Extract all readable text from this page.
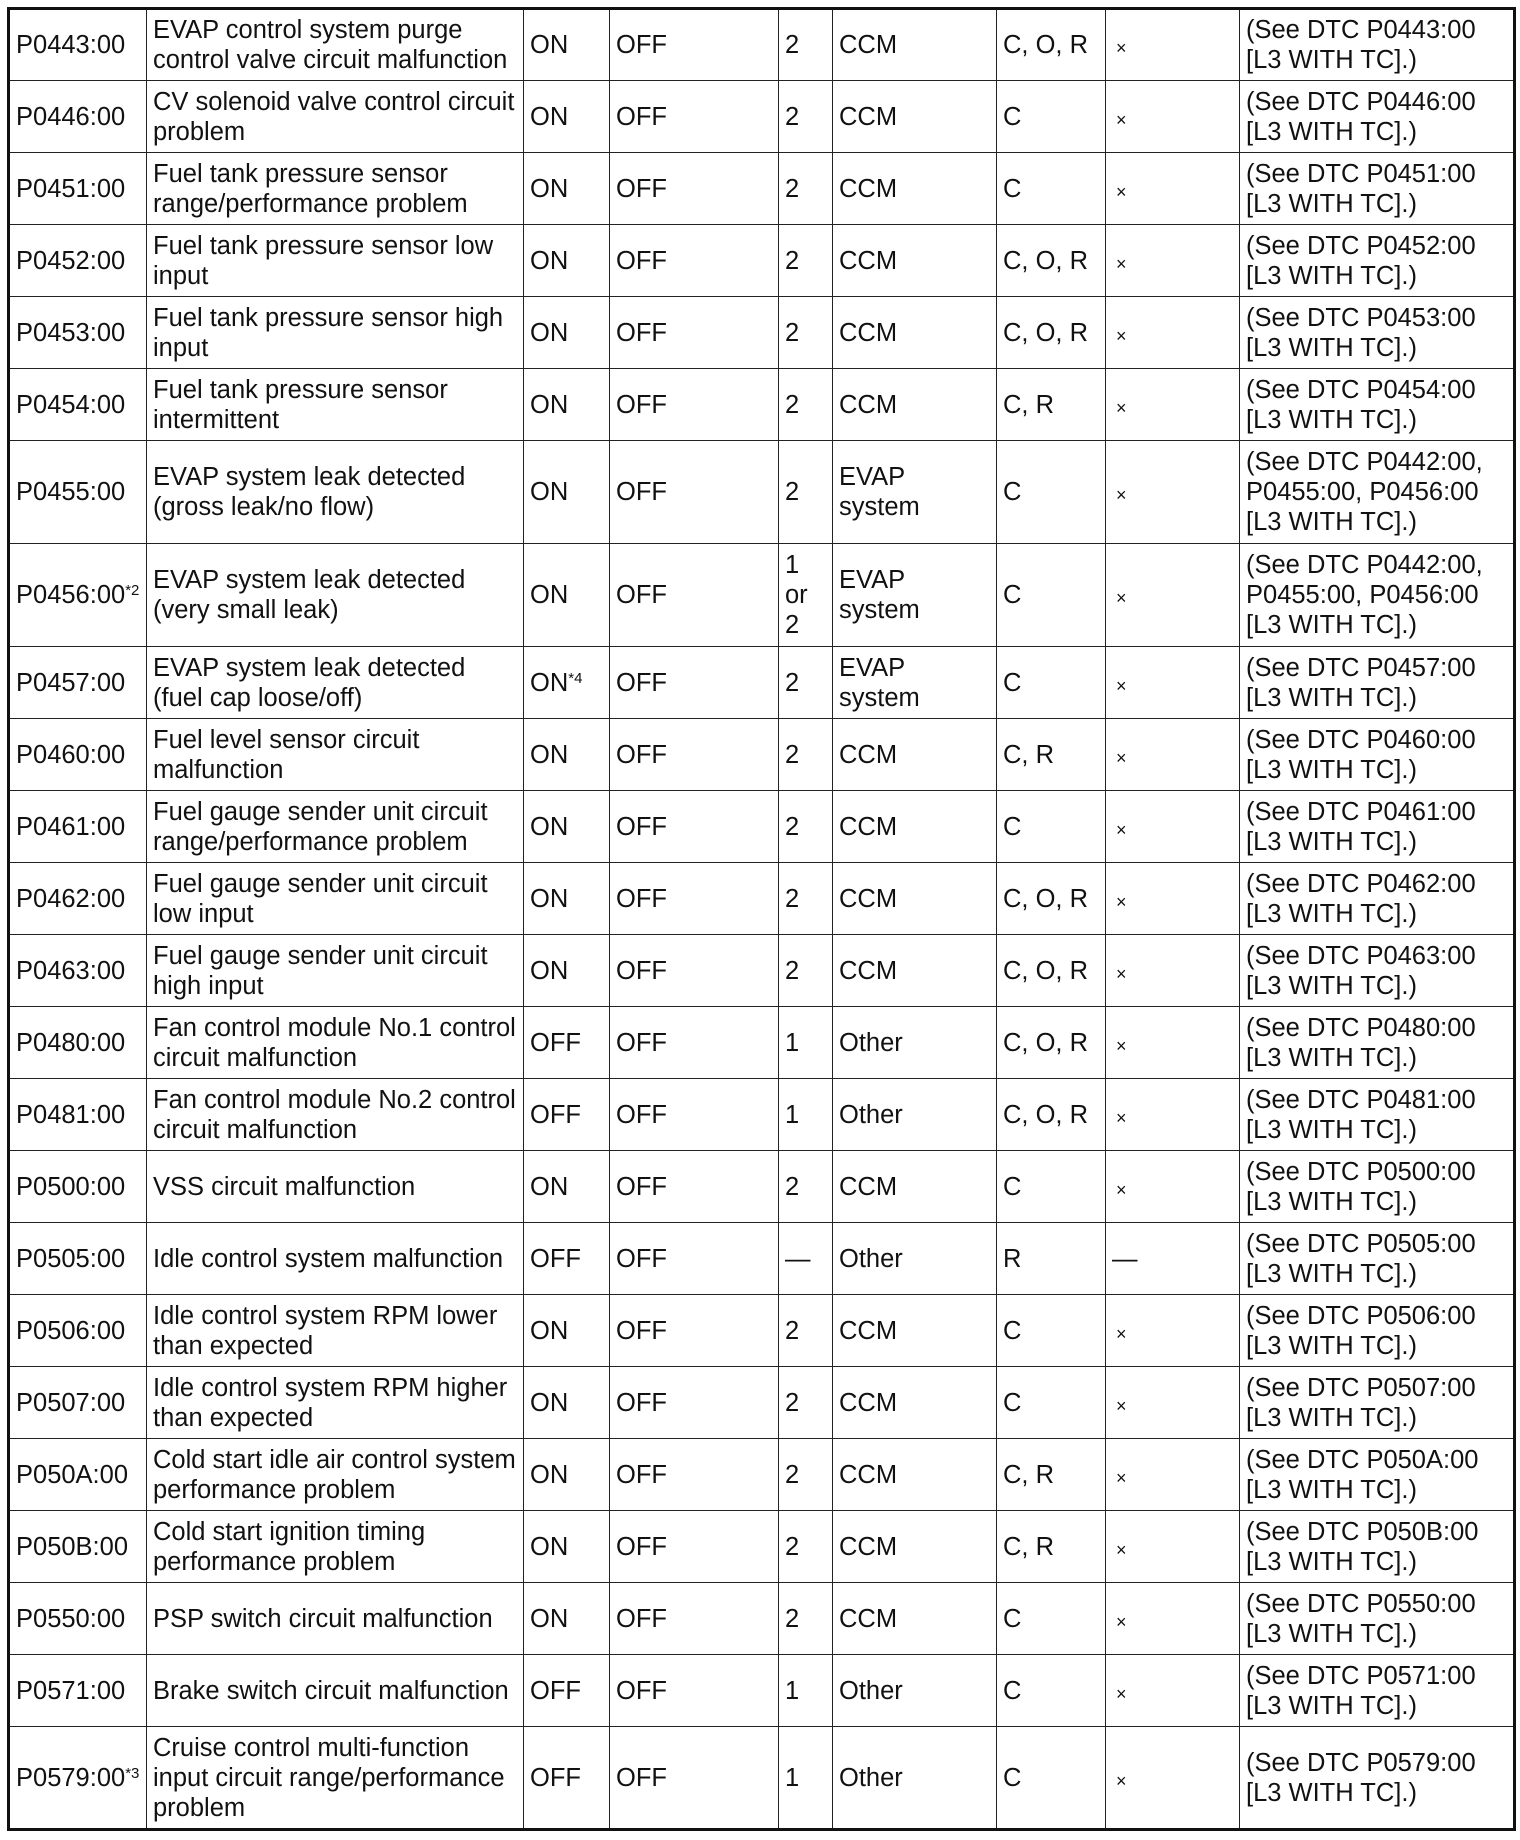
P0443:00	EVAP control system purge
control valve circuit malfunction	ON	OFF	2	CCM	C, O, R	×	(See DTC P0443:00
[L3 WITH TC].)

P0446:00	CV solenoid valve control circuit
problem	ON	OFF	2	CCM	C	×	(See DTC P0446:00
[L3 WITH TC].)

P0451:00	Fuel tank pressure sensor
range/performance problem	ON	OFF	2	CCM	C	×	(See DTC P0451:00
[L3 WITH TC].)

P0452:00	Fuel tank pressure sensor low
input	ON	OFF	2	CCM	C, O, R	×	(See DTC P0452:00
[L3 WITH TC].)

P0453:00	Fuel tank pressure sensor high
input	ON	OFF	2	CCM	C, O, R	×	(See DTC P0453:00
[L3 WITH TC].)

P0454:00	Fuel tank pressure sensor
intermittent	ON	OFF	2	CCM	C, R	×	(See DTC P0454:00
[L3 WITH TC].)

P0455:00	EVAP system leak detected
(gross leak/no flow)	ON	OFF	2	EVAP
system	C	×	(See DTC P0442:00,
P0455:00, P0456:00
[L3 WITH TC].)

P0456:00$^{*2}$	EVAP system leak detected
(very small leak)	ON	OFF	1
or
2	EVAP
system	C	×	(See DTC P0442:00,
P0455:00, P0456:00
[L3 WITH TC].)

P0457:00	EVAP system leak detected
(fuel cap loose/off)	ON$^{*4}$	OFF	2	EVAP
system	C	×	(See DTC P0457:00
[L3 WITH TC].)

P0460:00	Fuel level sensor circuit
malfunction	ON	OFF	2	CCM	C, R	×	(See DTC P0460:00
[L3 WITH TC].)

P0461:00	Fuel gauge sender unit circuit
range/performance problem	ON	OFF	2	CCM	C	×	(See DTC P0461:00
[L3 WITH TC].)

P0462:00	Fuel gauge sender unit circuit
low input	ON	OFF	2	CCM	C, O, R	×	(See DTC P0462:00
[L3 WITH TC].)

P0463:00	Fuel gauge sender unit circuit
high input	ON	OFF	2	CCM	C, O, R	×	(See DTC P0463:00
[L3 WITH TC].)

P0480:00	Fan control module No.1 control
circuit malfunction	OFF	OFF	1	Other	C, O, R	×	(See DTC P0480:00
[L3 WITH TC].)

P0481:00	Fan control module No.2 control
circuit malfunction	OFF	OFF	1	Other	C, O, R	×	(See DTC P0481:00
[L3 WITH TC].)

P0500:00	VSS circuit malfunction	ON	OFF	2	CCM	C	×	(See DTC P0500:00
[L3 WITH TC].)

P0505:00	Idle control system malfunction	OFF	OFF	—	Other	R	—	(See DTC P0505:00
[L3 WITH TC].)

P0506:00	Idle control system RPM lower
than expected	ON	OFF	2	CCM	C	×	(See DTC P0506:00
[L3 WITH TC].)

P0507:00	Idle control system RPM higher
than expected	ON	OFF	2	CCM	C	×	(See DTC P0507:00
[L3 WITH TC].)

P050A:00	Cold start idle air control system
performance problem	ON	OFF	2	CCM	C, R	×	(See DTC P050A:00
[L3 WITH TC].)

P050B:00	Cold start ignition timing
performance problem	ON	OFF	2	CCM	C, R	×	(See DTC P050B:00
[L3 WITH TC].)

P0550:00	PSP switch circuit malfunction	ON	OFF	2	CCM	C	×	(See DTC P0550:00
[L3 WITH TC].)

P0571:00	Brake switch circuit malfunction	OFF	OFF	1	Other	C	×	(See DTC P0571:00
[L3 WITH TC].)

P0579:00$^{*3}$	Cruise control multi-function
input circuit range/performance
problem	OFF	OFF	1	Other	C	×	(See DTC P0579:00
[L3 WITH TC].)
